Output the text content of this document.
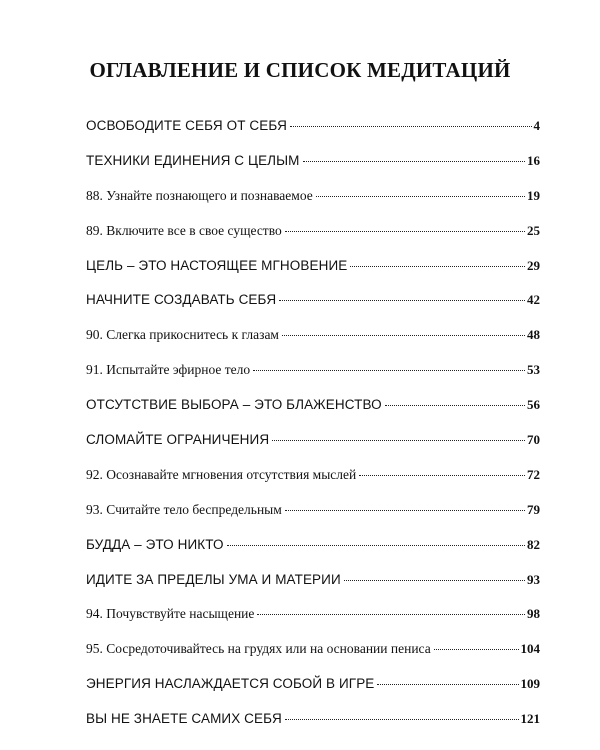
ОГЛАВЛЕНИЕ И СПИСОК МЕДИТАЦИЙ
ОСВОБОДИТЕ СЕБЯ ОТ СЕБЯ	4
ТЕХНИКИ ЕДИНЕНИЯ С ЦЕЛЫМ	16
88. Узнайте познающего и познаваемое	19
89. Включите все в свое существо	25
ЦЕЛЬ – ЭТО НАСТОЯЩЕЕ МГНОВЕНИЕ	29
НАЧНИТЕ СОЗДАВАТЬ СЕБЯ	42
90. Слегка прикоснитесь к глазам	48
91. Испытайте эфирное тело	53
ОТСУТСТВИЕ ВЫБОРА – ЭТО БЛАЖЕНСТВО	56
СЛОМАЙТЕ ОГРАНИЧЕНИЯ	70
92. Осознавайте мгновения отсутствия мыслей	72
93. Считайте тело беспредельным	79
БУДДА – ЭТО НИКТО	82
ИДИТЕ ЗА ПРЕДЕЛЫ УМА И МАТЕРИИ	93
94. Почувствуйте насыщение	98
95. Сосредоточивайтесь на грудях или на основании пениса	104
ЭНЕРГИЯ НАСЛАЖДАЕТСЯ СОБОЙ В ИГРЕ	109
ВЫ НЕ ЗНАЕТЕ САМИХ СЕБЯ	121
